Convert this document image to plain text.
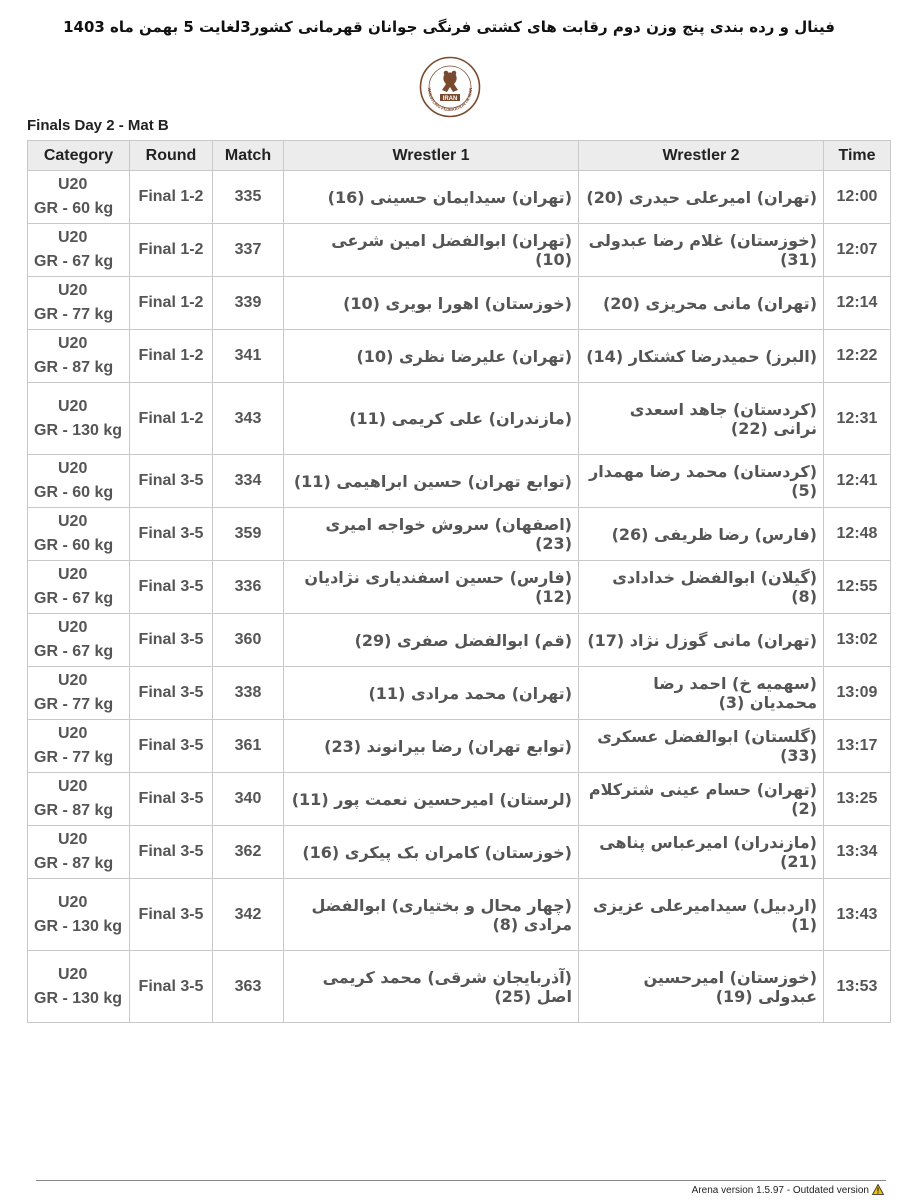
فینال و رده بندی پنج وزن دوم رقابت های کشتی فرنگی جوانان قهرمانی کشور3لغایت 5 بهمن ماه 1403
IRAN
WRESTLING FEDERATION I.R.IRAN
Finals Day 2 - Mat B
Category	Round	Match	Wrestler 1	Wrestler 2	Time

U20
GR - 60 kg	Final 1-2	335	(تهران) سیدایمان حسینی (16)	(تهران) امیرعلی حیدری (20)	12:00

U20
GR - 67 kg	Final 1-2	337	(تهران) ابوالفضل امین شرعی (10)	(خوزستان) غلام رضا عبدولی (31)	12:07

U20
GR - 77 kg	Final 1-2	339	(خوزستان) اهورا بویری (10)	(تهران) مانی محریزی (20)	12:14

U20
GR - 87 kg	Final 1-2	341	(تهران) علیرضا نظری (10)	(البرز) حمیدرضا کشتکار (14)	12:22

U20
GR - 130 kg	Final 1-2	343	(مازندران) علی کریمی (11)	(کردستان) جاهد اسعدی نرانی (22)	12:31

U20
GR - 60 kg	Final 3-5	334	(توابع تهران) حسین ابراهیمی (11)	(کردستان) محمد رضا مهمدار (5)	12:41

U20
GR - 60 kg	Final 3-5	359	(اصفهان) سروش خواجه امیری (23)	(فارس) رضا ظریفی (26)	12:48

U20
GR - 67 kg	Final 3-5	336	(فارس) حسین اسفندیاری نژادیان (12)	(گیلان) ابوالفضل خدادادی (8)	12:55

U20
GR - 67 kg	Final 3-5	360	(قم) ابوالفضل صفری (29)	(تهران) مانی گوزل نژاد (17)	13:02

U20
GR - 77 kg	Final 3-5	338	(تهران) محمد مرادی (11)	(سهمیه خ) احمد رضا محمدیان (3)	13:09

U20
GR - 77 kg	Final 3-5	361	(توابع تهران) رضا بیرانوند (23)	(گلستان) ابوالفضل عسکری (33)	13:17

U20
GR - 87 kg	Final 3-5	340	(لرستان) امیرحسین نعمت پور (11)	(تهران) حسام عینی شترکلام (2)	13:25

U20
GR - 87 kg	Final 3-5	362	(خوزستان) کامران بک پیکری (16)	(مازندران) امیرعباس پناهی (21)	13:34

U20
GR - 130 kg	Final 3-5	342	(چهار محال و بختیاری) ابوالفضل مرادی (8)	(اردبیل) سیدامیرعلی عزیزی (1)	13:43

U20
GR - 130 kg	Final 3-5	363	(آذربایجان شرقی) محمد کریمی اصل (25)	(خوزستان) امیرحسین عبدولی (19)	13:53
Arena version 1.5.97 - Outdated version
